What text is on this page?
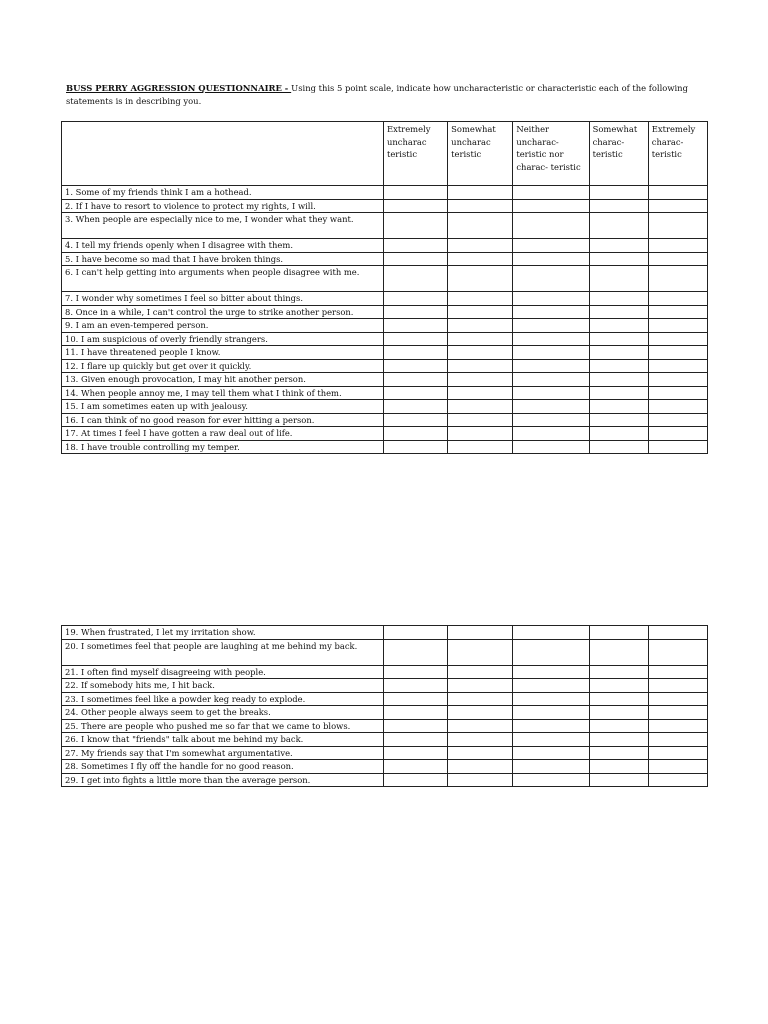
BUSS PERRY AGGRESSION QUESTIONNAIRE - Using this 5 point scale, indicate how uncharacteristic or characteristic each of the following statements is in describing you.

	Extremely uncharac teristic	Somewhat uncharac teristic	Neither uncharac- teristic nor charac- teristic	Somewhat charac- teristic	Extremely charac- teristic
1. Some of my friends think I am a hothead.					
2. If I have to resort to violence to protect my rights, I will.					
3. When people are especially nice to me, I wonder what they want.					
4. I tell my friends openly when I disagree with them.					
5. I have become so mad that I have broken things.					
6. I can't help getting into arguments when people disagree with me.					
7. I wonder why sometimes I feel so bitter about things.					
8. Once in a while, I can't control the urge to strike another person.					
9. I am an even-tempered person.					
10. I am suspicious of overly friendly strangers.					
11. I have threatened people I know.					
12. I flare up quickly but get over it quickly.					
13. Given enough provocation, I may hit another person.					
14. When people annoy me, I may tell them what I think of them.					
15. I am sometimes eaten up with jealousy.					
16. I can think of no good reason for ever hitting a person.					
17. At times I feel I have gotten a raw deal out of life.					
18. I have trouble controlling my temper.					
19. When frustrated, I let my irritation show.					
20. I sometimes feel that people are laughing at me behind my back.					
21. I often find myself disagreeing with people.					
22. If somebody hits me, I hit back.					
23. I sometimes feel like a powder keg ready to explode.					
24. Other people always seem to get the breaks.					
25. There are people who pushed me so far that we came to blows.					
26. I know that "friends" talk about me behind my back.					
27. My friends say that I'm somewhat argumentative.					
28. Sometimes I fly off the handle for no good reason.					
29. I get into fights a little more than the average person.					
